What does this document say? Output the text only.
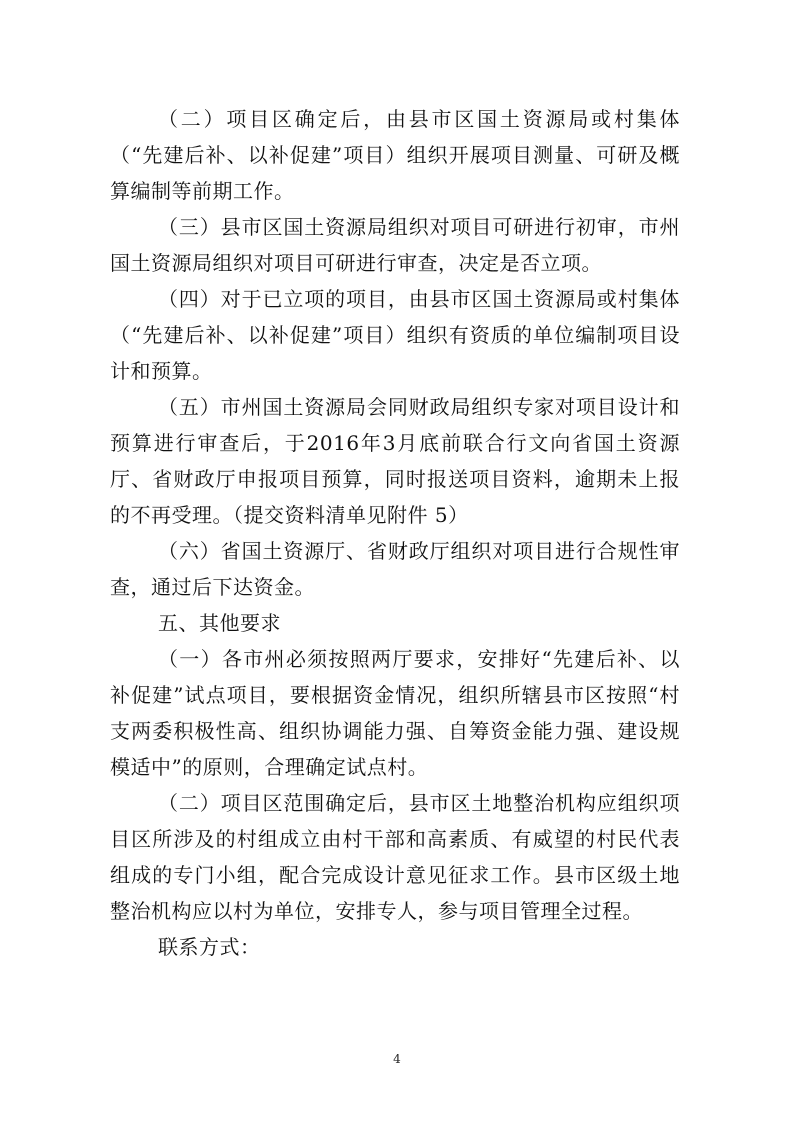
（二）项目区确定后，由县市区国土资源局或村集体（“先建后补、以补促建”项目）组织开展项目测量、可研及概算编制等前期工作。

（三）县市区国土资源局组织对项目可研进行初审，市州国土资源局组织对项目可研进行审查，决定是否立项。

（四）对于已立项的项目，由县市区国土资源局或村集体（“先建后补、以补促建”项目）组织有资质的单位编制项目设计和预算。

（五）市州国土资源局会同财政局组织专家对项目设计和预算进行审查后，于2016年3月底前联合行文向省国土资源厅、省财政厅申报项目预算，同时报送项目资料，逾期未上报的不再受理。（提交资料清单见附件 5）

（六）省国土资源厅、省财政厅组织对项目进行合规性审查，通过后下达资金。

五、其他要求

（一）各市州必须按照两厅要求，安排好“先建后补、以补促建”试点项目，要根据资金情况，组织所辖县市区按照“村支两委积极性高、组织协调能力强、自筹资金能力强、建设规模适中”的原则，合理确定试点村。

（二）项目区范围确定后，县市区土地整治机构应组织项目区所涉及的村组成立由村干部和高素质、有威望的村民代表组成的专门小组，配合完成设计意见征求工作。县市区级土地整治机构应以村为单位，安排专人，参与项目管理全过程。

联系方式：

4
